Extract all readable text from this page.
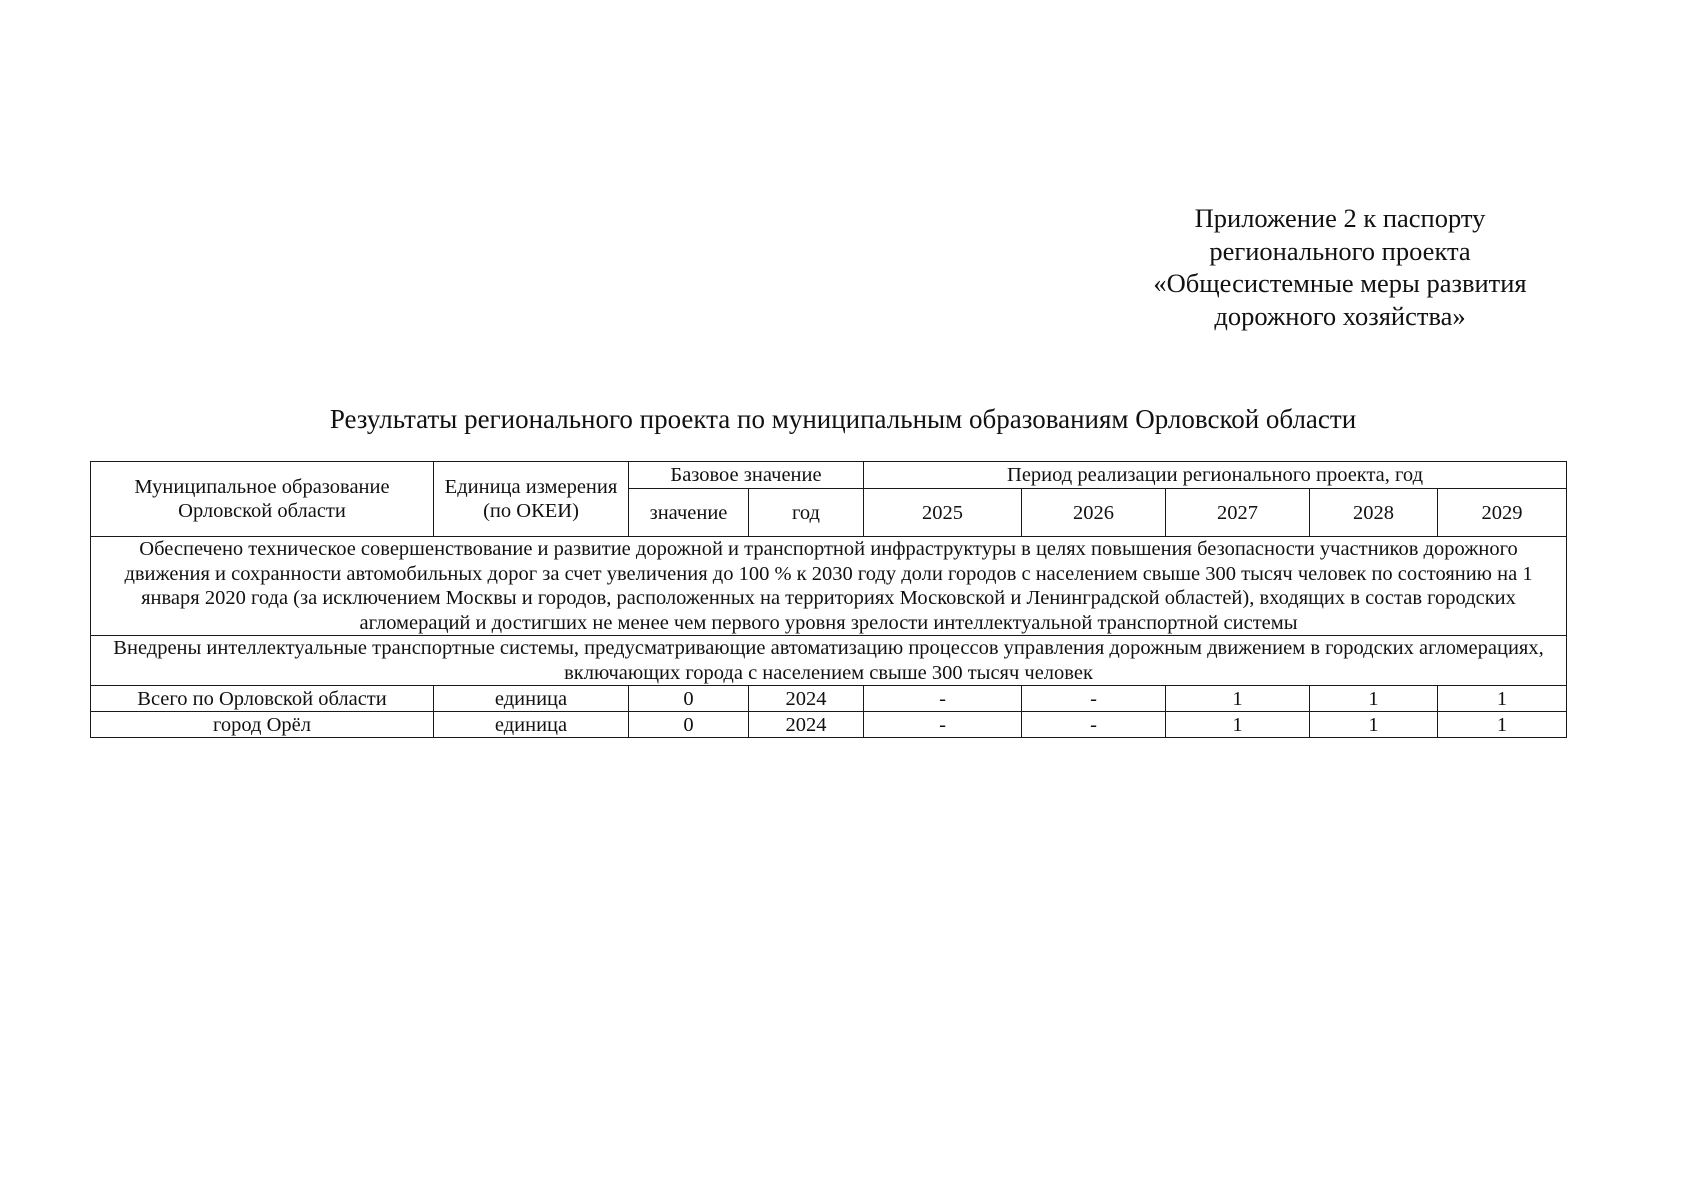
Приложение 2 к паспорту
регионального проекта
«Общесистемные меры развития
дорожного хозяйства»
Результаты регионального проекта по муниципальным образованиям Орловской области
Муниципальное образование Орловской области	Единица измерения (по ОКЕИ)	Базовое значение		Период реализации регионального проекта, год				
		значение	год	2025	2026	2027	2028	2029
Обеспечено техническое совершенствование и развитие дорожной и транспортной инфраструктуры в целях повышения безопасности участников дорожного движения и сохранности автомобильных дорог за счет увеличения до 100 % к 2030 году доли городов с населением свыше 300 тысяч человек по состоянию на 1 января 2020 года (за исключением Москвы и городов, расположенных на территориях Московской и Ленинградской областей), входящих в состав городских агломераций и достигших не менее чем первого уровня зрелости интеллектуальной транспортной системы								
Внедрены интеллектуальные транспортные системы, предусматривающие автоматизацию процессов управления дорожным движением в городских агломерациях, включающих города с населением свыше 300 тысяч человек								
Всего по Орловской области	единица	0	2024	-	-	1	1	1
город Орёл	единица	0	2024	-	-	1	1	1
